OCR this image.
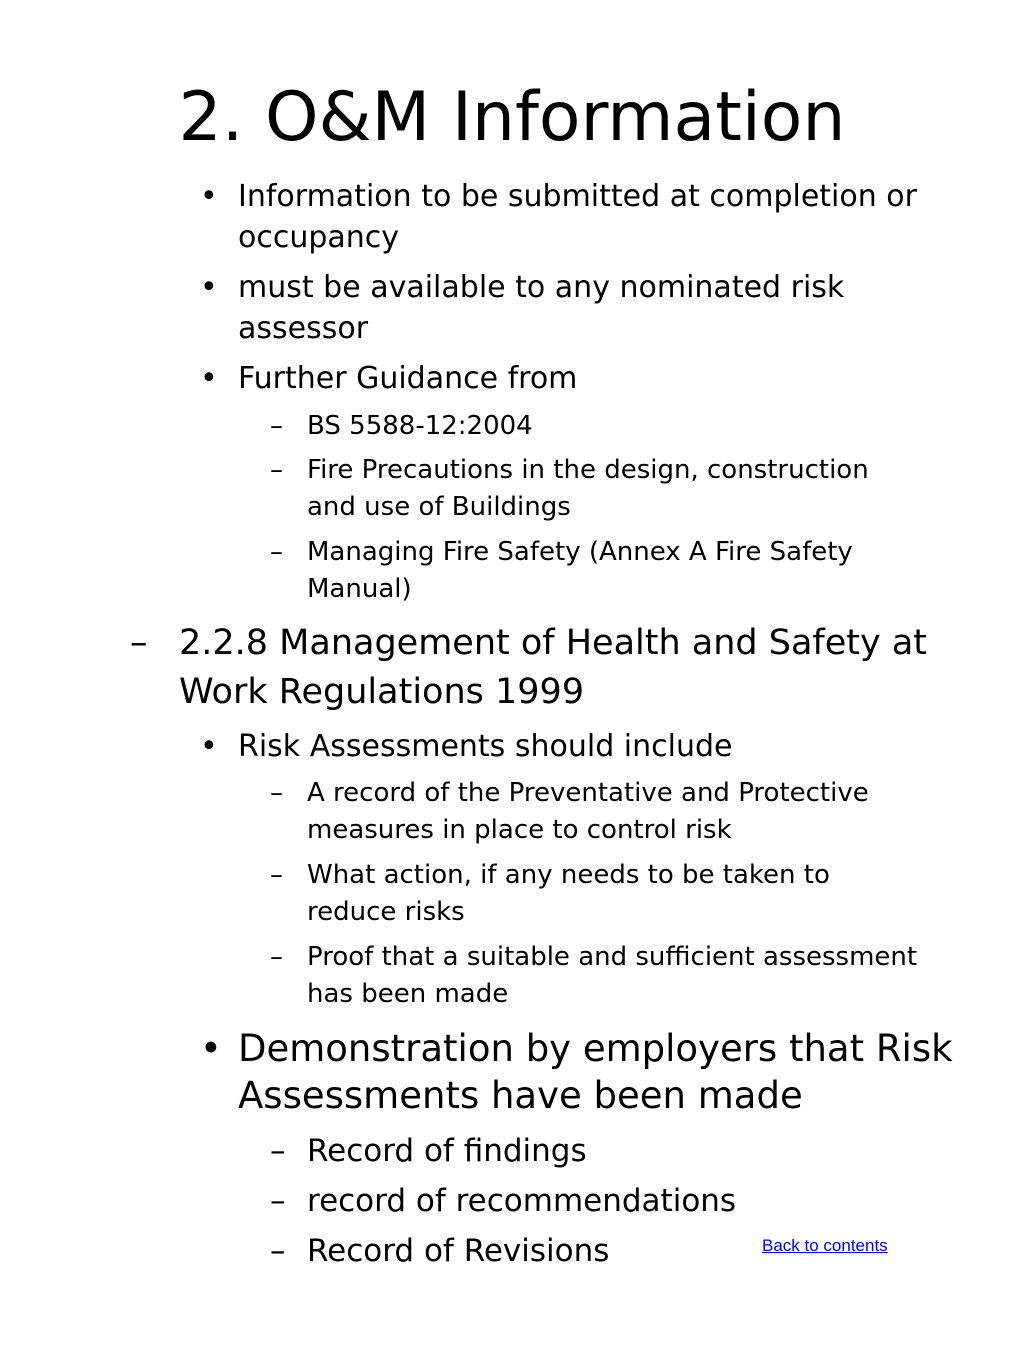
2. O&M Information
• Information to be submitted at completion or
occupancy
• must be available to any nominated risk
assessor
• Further Guidance from
– BS 5588-12:2004
– Fire Precautions in the design, construction
and use of Buildings
– Managing Fire Safety (Annex A Fire Safety
Manual)
– 2.2.8 Management of Health and Safety at
Work Regulations 1999
• Risk Assessments should include
– A record of the Preventative and Protective
measures in place to control risk
– What action, if any needs to be taken to
reduce risks
– Proof that a suitable and sufficient assessment
has been made
• Demonstration by employers that Risk
Assessments have been made
– Record of findings
– record of recommendations
– Record of Revisions	Back to contents
